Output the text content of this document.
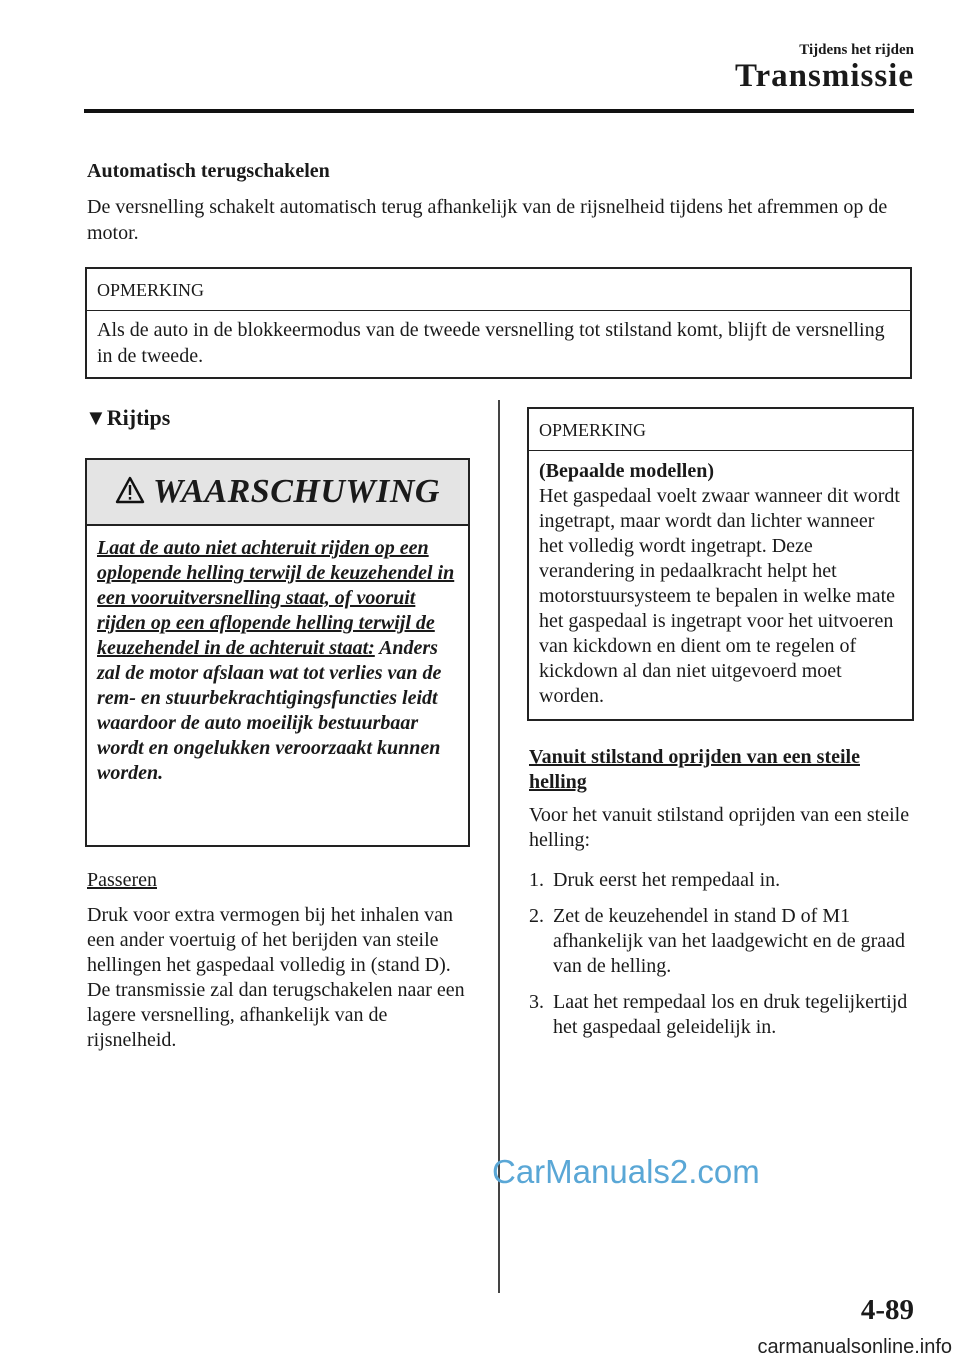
Tijdens het rijden
Transmissie
Automatisch terugschakelen
De versnelling schakelt automatisch terug afhankelijk van de rijsnelheid tijdens het afremmen op de motor.
OPMERKING
Als de auto in de blokkeermodus van de tweede versnelling tot stilstand komt, blijft de versnelling in de tweede.
▼Rijtips
WAARSCHUWING
Laat de auto niet achteruit rijden op een oplopende helling terwijl de keuzehendel in een vooruitversnelling staat, of vooruit rijden op een aflopende helling terwijl de keuzehendel in de achteruit staat: Anders zal de motor afslaan wat tot verlies van de rem- en stuurbekrachtigingsfuncties leidt waardoor de auto moeilijk bestuurbaar wordt en ongelukken veroorzaakt kunnen worden.
Passeren
Druk voor extra vermogen bij het inhalen van een ander voertuig of het berijden van steile hellingen het gaspedaal volledig in (stand D). De transmissie zal dan terugschakelen naar een lagere versnelling, afhankelijk van de rijsnelheid.
OPMERKING
(Bepaalde modellen)
Het gaspedaal voelt zwaar wanneer dit wordt ingetrapt, maar wordt dan lichter wanneer het volledig wordt ingetrapt. Deze verandering in pedaalkracht helpt het motorstuursysteem te bepalen in welke mate het gaspedaal is ingetrapt voor het uitvoeren van kickdown en dient om te regelen of kickdown al dan niet uitgevoerd moet worden.
Vanuit stilstand oprijden van een steile helling
Voor het vanuit stilstand oprijden van een steile helling:
1. Druk eerst het rempedaal in.
2. Zet de keuzehendel in stand D of M1 afhankelijk van het laadgewicht en de graad van de helling.
3. Laat het rempedaal los en druk tegelijkertijd het gaspedaal geleidelijk in.
CarManuals2.com
4-89
carmanualsonline.info
